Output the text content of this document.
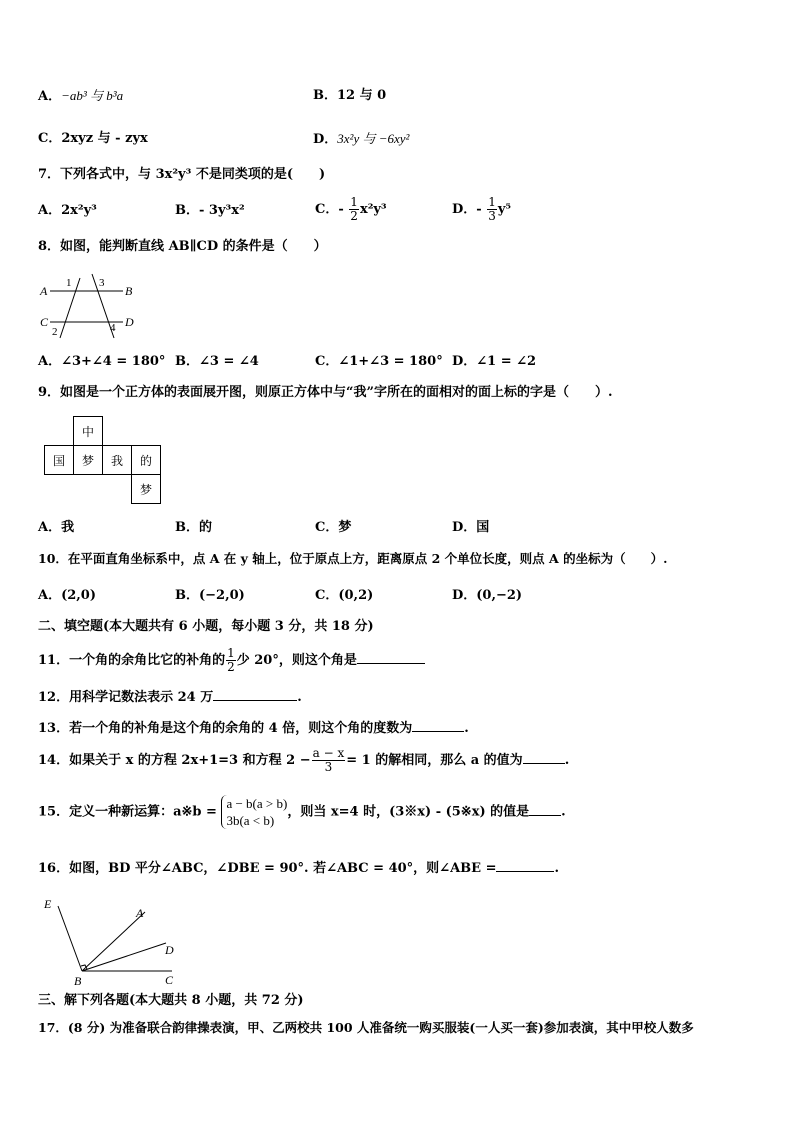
A．−ab³ 与 b³a	B．12 与 0
C．2xyz 与 - zyx	D．3x²y 与 −6xy²
7．下列各式中，与 3x²y³ 不是同类项的是(　　)
A．2x²y³	B．- 3y³x²	C．- $\frac{1}{2} x^2y^3$	D．- $\frac{1}{3} y^5$
8．如图，能判断直线 AB∥CD 的条件是（　　）
A	B
C	D
1
2
3
4
A．∠3+∠4 = 180° B．∠3 = ∠4	C．∠1+∠3 = 180° D．∠1 = ∠2
9．如图是一个正方体的表面展开图，则原正方体中与“我”字所在的面相对的面上标的字是（　　）.
中
国 梦 我 的
梦
A．我	B．的	C．梦	D．国
10．在平面直角坐标系中，点 A 在 y 轴上，位于原点上方，距离原点 2 个单位长度，则点 A 的坐标为（　　）.
A．(2,0)	B．(−2,0)	C．(0,2)	D．(0,−2)
二、填空题(本大题共有 6 小题，每小题 3 分，共 18 分)
11．一个角的余角比它的补角的 $\frac{1}{2}$ 少 20°，则这个角是
12．用科学记数法表示 24 万	.
13．若一个角的补角是这个角的余角的 4 倍，则这个角的度数为	.
14．如果关于 x 的方程 2x+1=3 和方程 $2 - \frac{a - x}{3} = 1$ 的解相同，那么 a 的值为	.
15．定义一种新运算：a※b =
a − b(a > b)
3b(a < b)
，则当 x=4 时，(3※x) - (5※x) 的值是 .
16．如图，BD 平分∠ABC，∠DBE = 90°. 若∠ABC = 40°，则∠ABE =	.
E
A
D
B	C
三、解下列各题(本大题共 8 小题，共 72 分)
17．(8 分) 为准备联合韵律操表演，甲、乙两校共 100 人准备统一购买服装(一人买一套)参加表演，其中甲校人数多
